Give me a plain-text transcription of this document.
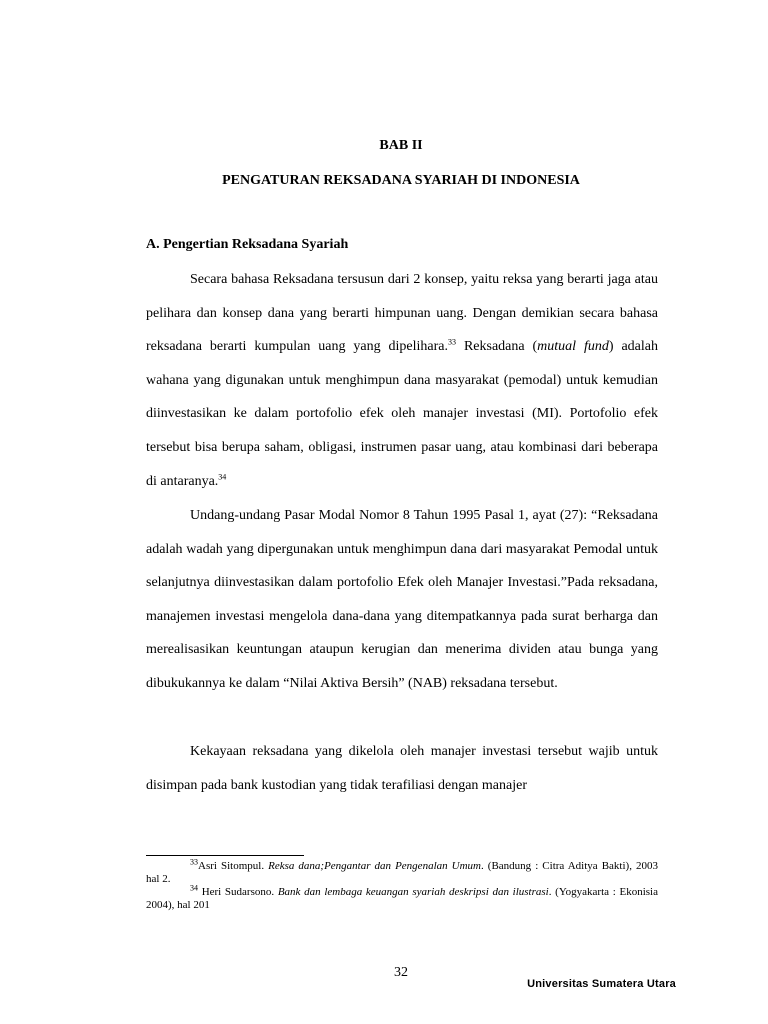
BAB II
PENGATURAN REKSADANA SYARIAH DI INDONESIA
A. Pengertian Reksadana Syariah

Secara bahasa Reksadana tersusun dari 2 konsep, yaitu reksa yang berarti jaga atau pelihara dan konsep dana yang berarti himpunan uang. Dengan demikian secara bahasa reksadana berarti kumpulan uang yang dipelihara.$^{33}$ Reksadana (mutual fund) adalah wahana yang digunakan untuk menghimpun dana masyarakat (pemodal) untuk kemudian diinvestasikan ke dalam portofolio efek oleh manajer investasi (MI). Portofolio efek tersebut bisa berupa saham, obligasi, instrumen pasar uang, atau kombinasi dari beberapa di antaranya.$^{34}$

Undang-undang Pasar Modal Nomor 8 Tahun 1995 Pasal 1, ayat (27): “Reksadana adalah wadah yang dipergunakan untuk menghimpun dana dari masyarakat Pemodal untuk selanjutnya diinvestasikan dalam portofolio Efek oleh Manajer Investasi.”Pada reksadana, manajemen investasi mengelola dana-dana yang ditempatkannya pada surat berharga dan merealisasikan keuntungan ataupun kerugian dan menerima dividen atau bunga yang dibukukannya ke dalam “Nilai Aktiva Bersih” (NAB) reksadana tersebut.

Kekayaan reksadana yang dikelola oleh manajer investasi tersebut wajib untuk disimpan pada bank kustodian yang tidak terafiliasi dengan manajer

$^{33}$Asri Sitompul. Reksa dana;Pengantar dan Pengenalan Umum. (Bandung : Citra Aditya Bakti), 2003 hal 2.

$^{34}$ Heri Sudarsono. Bank dan lembaga keuangan syariah deskripsi dan ilustrasi. (Yogyakarta : Ekonisia 2004), hal 201

32
Universitas Sumatera Utara
